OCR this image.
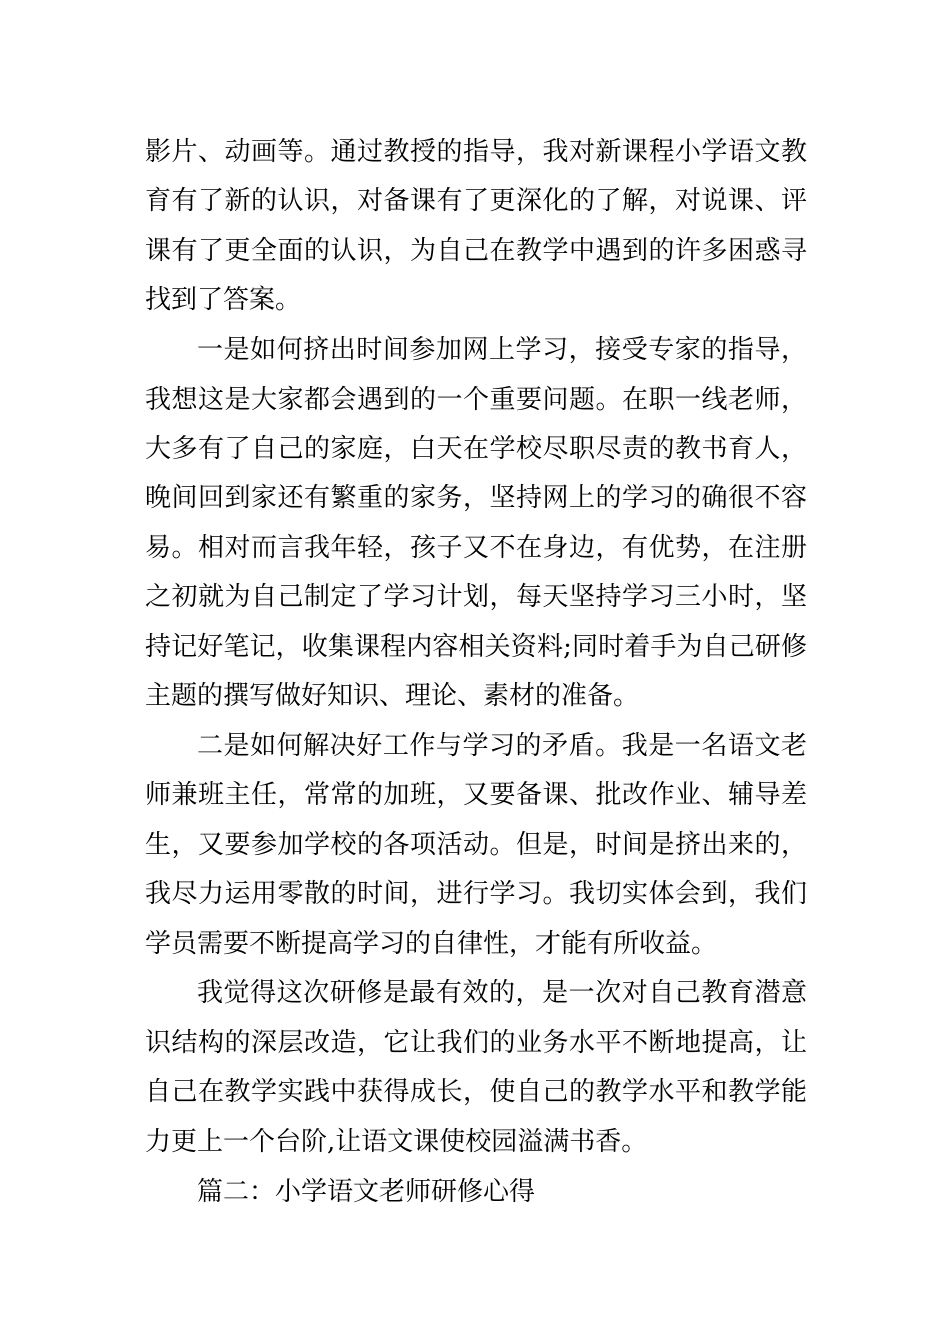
影片、动画等。通过教授的指导，我对新课程小学语文教育有了新的认识，对备课有了更深化的了解，对说课、评课有了更全面的认识，为自己在教学中遇到的许多困惑寻找到了答案。

一是如何挤出时间参加网上学习，接受专家的指导，我想这是大家都会遇到的一个重要问题。在职一线老师，大多有了自己的家庭，白天在学校尽职尽责的教书育人，晚间回到家还有繁重的家务，坚持网上的学习的确很不容易。相对而言我年轻，孩子又不在身边，有优势，在注册之初就为自己制定了学习计划，每天坚持学习三小时，坚持记好笔记，收集课程内容相关资料;同时着手为自己研修主题的撰写做好知识、理论、素材的准备。

二是如何解决好工作与学习的矛盾。我是一名语文老师兼班主任，常常的加班，又要备课、批改作业、辅导差生，又要参加学校的各项活动。但是，时间是挤出来的，我尽力运用零散的时间，进行学习。我切实体会到，我们学员需要不断提高学习的自律性，才能有所收益。

我觉得这次研修是最有效的，是一次对自己教育潜意识结构的深层改造，它让我们的业务水平不断地提高，让自己在教学实践中获得成长，使自己的教学水平和教学能力更上一个台阶,让语文课使校园溢满书香。

篇二：小学语文老师研修心得
